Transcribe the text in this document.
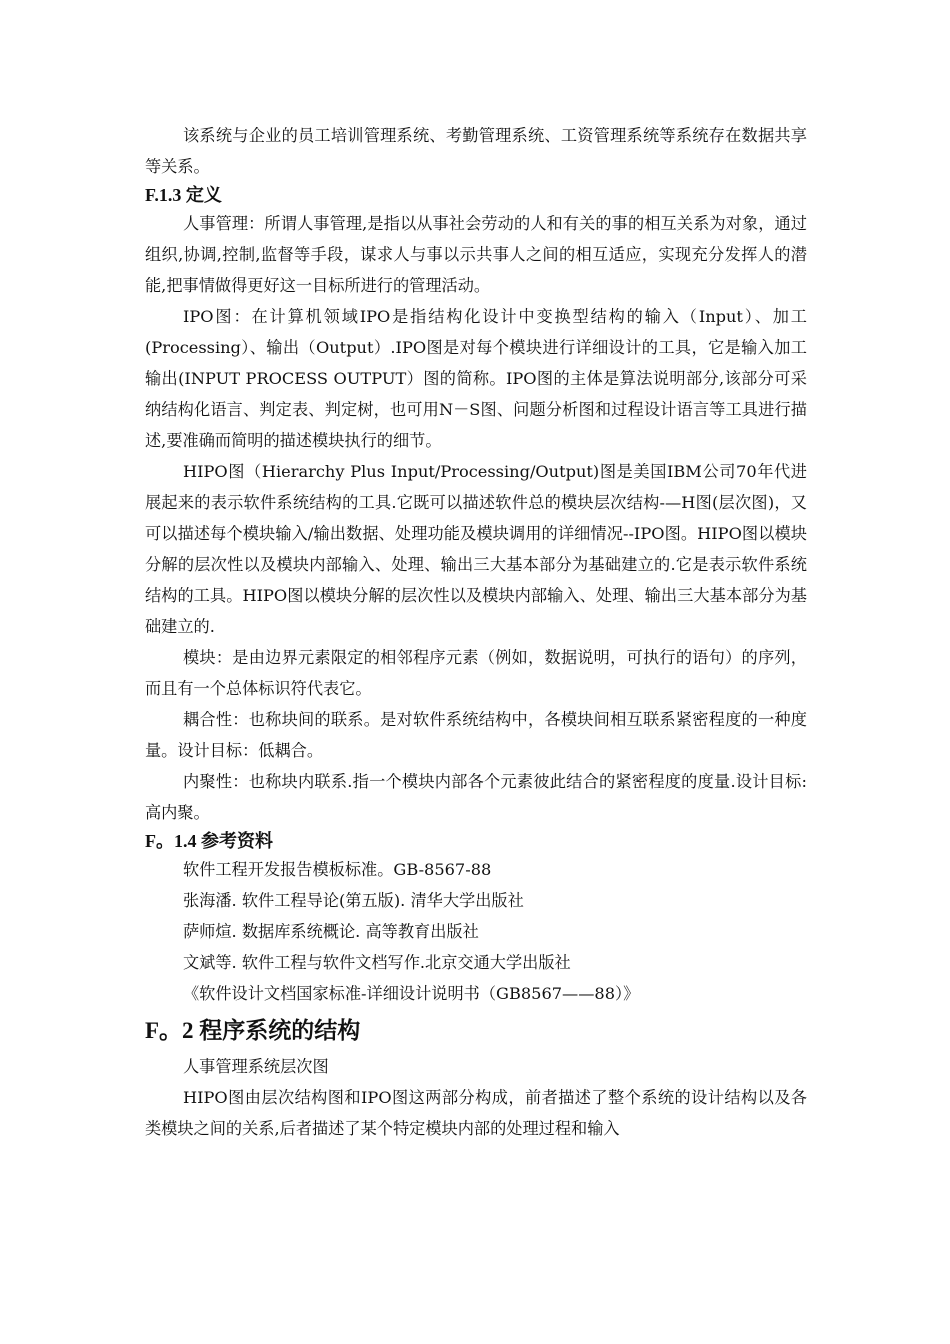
该系统与企业的员工培训管理系统、考勤管理系统、工资管理系统等系统存在数据共享等关系。

F.1.3 定义

人事管理：所谓人事管理,是指以从事社会劳动的人和有关的事的相互关系为对象，通过组织,协调,控制,监督等手段，谋求人与事以示共事人之间的相互适应，实现充分发挥人的潜能,把事情做得更好这一目标所进行的管理活动。

IPO图：在计算机领域IPO是指结构化设计中变换型结构的输入（Input）、加工(Processing）、输出（Output）.IPO图是对每个模块进行详细设计的工具，它是输入加工输出(INPUT PROCESS OUTPUT）图的简称。IPO图的主体是算法说明部分,该部分可采纳结构化语言、判定表、判定树，也可用N－S图、问题分析图和过程设计语言等工具进行描述,要准确而简明的描述模块执行的细节。

HIPO图（Hierarchy Plus Input/Processing/Output)图是美国IBM公司70年代进展起来的表示软件系统结构的工具.它既可以描述软件总的模块层次结构-—H图(层次图)，又可以描述每个模块输入/输出数据、处理功能及模块调用的详细情况--IPO图。HIPO图以模块分解的层次性以及模块内部输入、处理、输出三大基本部分为基础建立的.它是表示软件系统结构的工具。HIPO图以模块分解的层次性以及模块内部输入、处理、输出三大基本部分为基础建立的.

模块：是由边界元素限定的相邻程序元素（例如，数据说明，可执行的语句）的序列，而且有一个总体标识符代表它。

耦合性：也称块间的联系。是对软件系统结构中，各模块间相互联系紧密程度的一种度量。设计目标：低耦合。

内聚性：也称块内联系.指一个模块内部各个元素彼此结合的紧密程度的度量.设计目标:高内聚。

F。1.4 参考资料

软件工程开发报告模板标准。GB-8567-88

张海潘. 软件工程导论(第五版). 清华大学出版社

萨师煊. 数据库系统概论. 高等教育出版社

文斌等. 软件工程与软件文档写作.北京交通大学出版社

《软件设计文档国家标准-详细设计说明书（GB8567——88）》

F。2 程序系统的结构

人事管理系统层次图

HIPO图由层次结构图和IPO图这两部分构成，前者描述了整个系统的设计结构以及各类模块之间的关系,后者描述了某个特定模块内部的处理过程和输入
